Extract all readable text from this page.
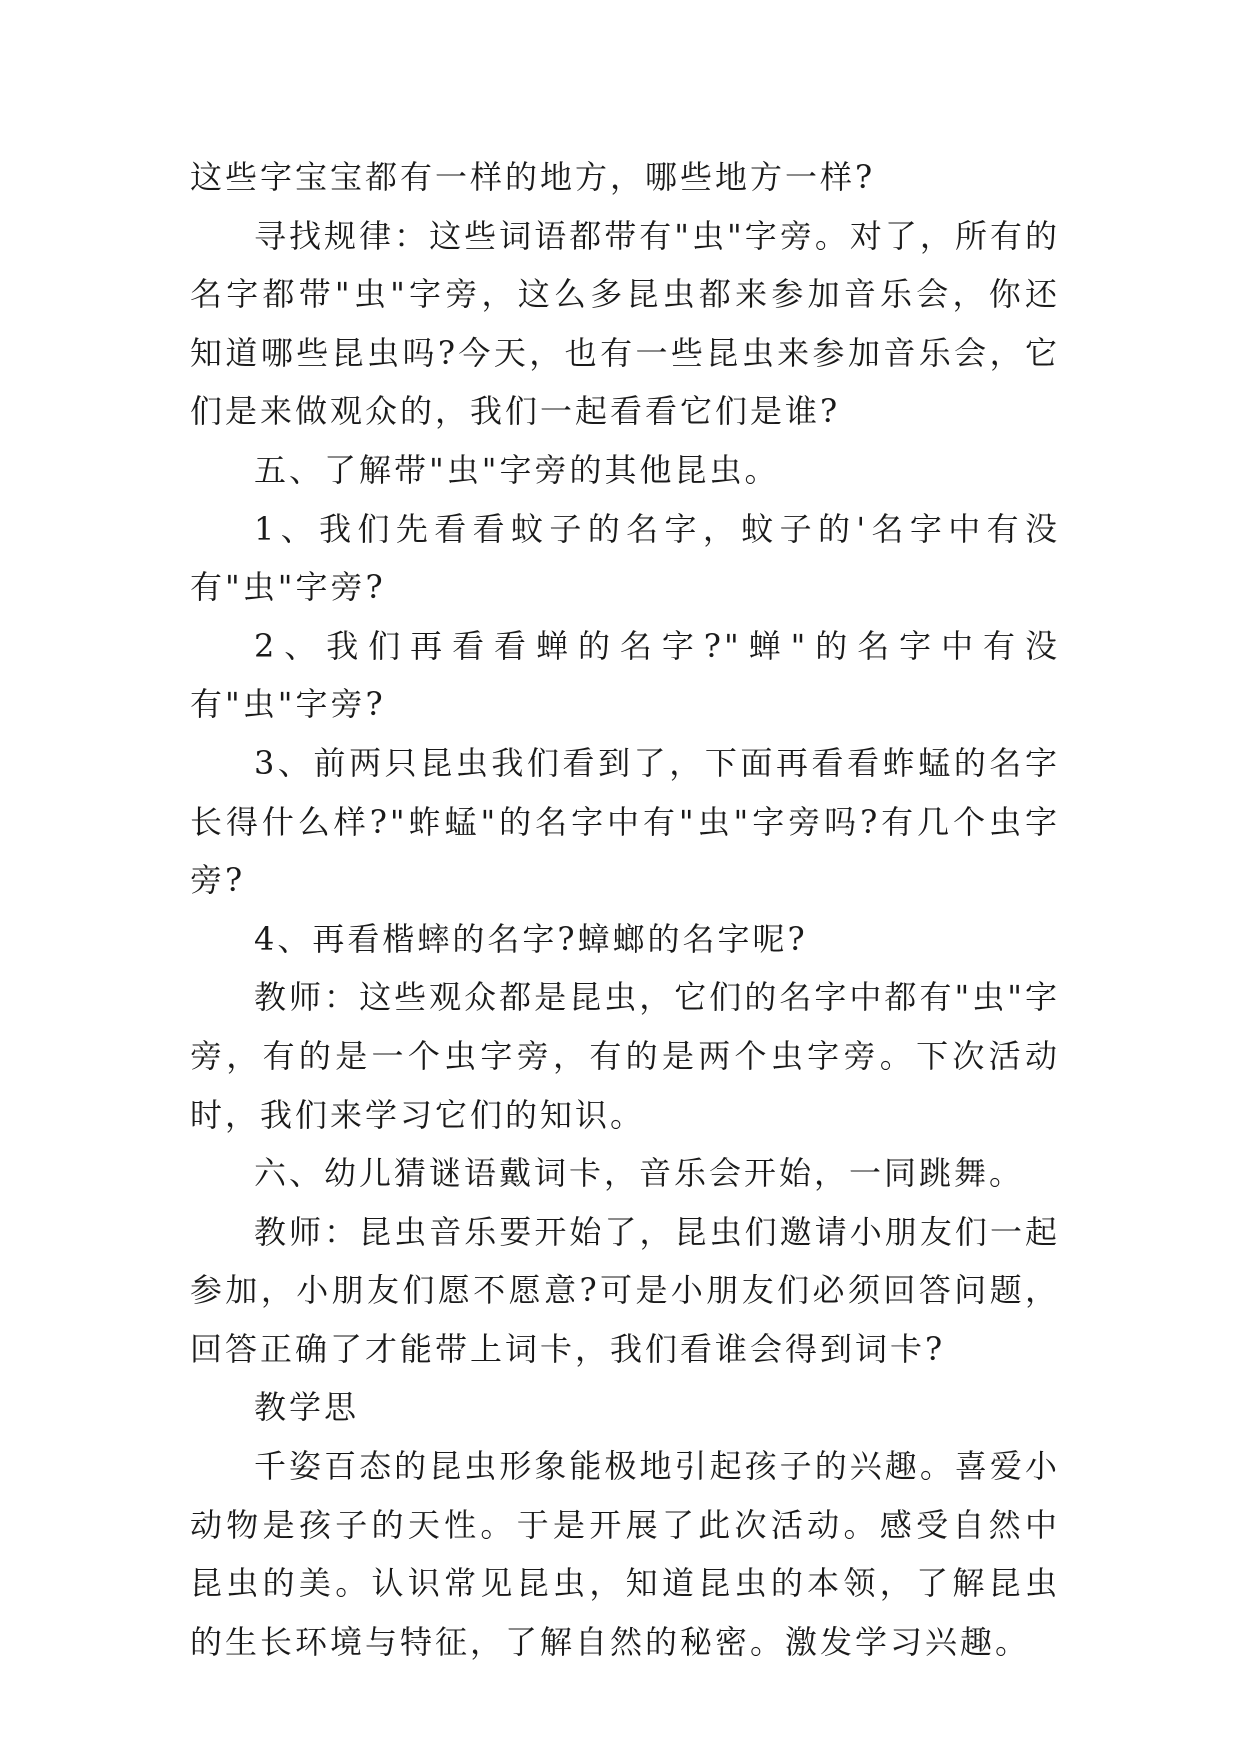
这些字宝宝都有一样的地方，哪些地方一样?

寻找规律：这些词语都带有"虫"字旁。对了，所有的名字都带"虫"字旁，这么多昆虫都来参加音乐会，你还知道哪些昆虫吗?今天，也有一些昆虫来参加音乐会，它们是来做观众的，我们一起看看它们是谁?

五、了解带"虫"字旁的其他昆虫。

1、我们先看看蚊子的名字，蚊子的'名字中有没有"虫"字旁?

2、我们再看看蝉的名字?"蝉"的名字中有没有"虫"字旁?

3、前两只昆虫我们看到了，下面再看看蚱蜢的名字长得什么样?"蚱蜢"的名字中有"虫"字旁吗?有几个虫字旁?

4、再看楷蟀的名字?蟑螂的名字呢?

教师：这些观众都是昆虫，它们的名字中都有"虫"字旁，有的是一个虫字旁，有的是两个虫字旁。下次活动时，我们来学习它们的知识。

六、幼儿猜谜语戴词卡，音乐会开始，一同跳舞。

教师：昆虫音乐要开始了，昆虫们邀请小朋友们一起参加，小朋友们愿不愿意?可是小朋友们必须回答问题，回答正确了才能带上词卡，我们看谁会得到词卡?

教学思

千姿百态的昆虫形象能极地引起孩子的兴趣。喜爱小动物是孩子的天性。于是开展了此次活动。感受自然中昆虫的美。认识常见昆虫，知道昆虫的本领，了解昆虫的生长环境与特征，了解自然的秘密。激发学习兴趣。
